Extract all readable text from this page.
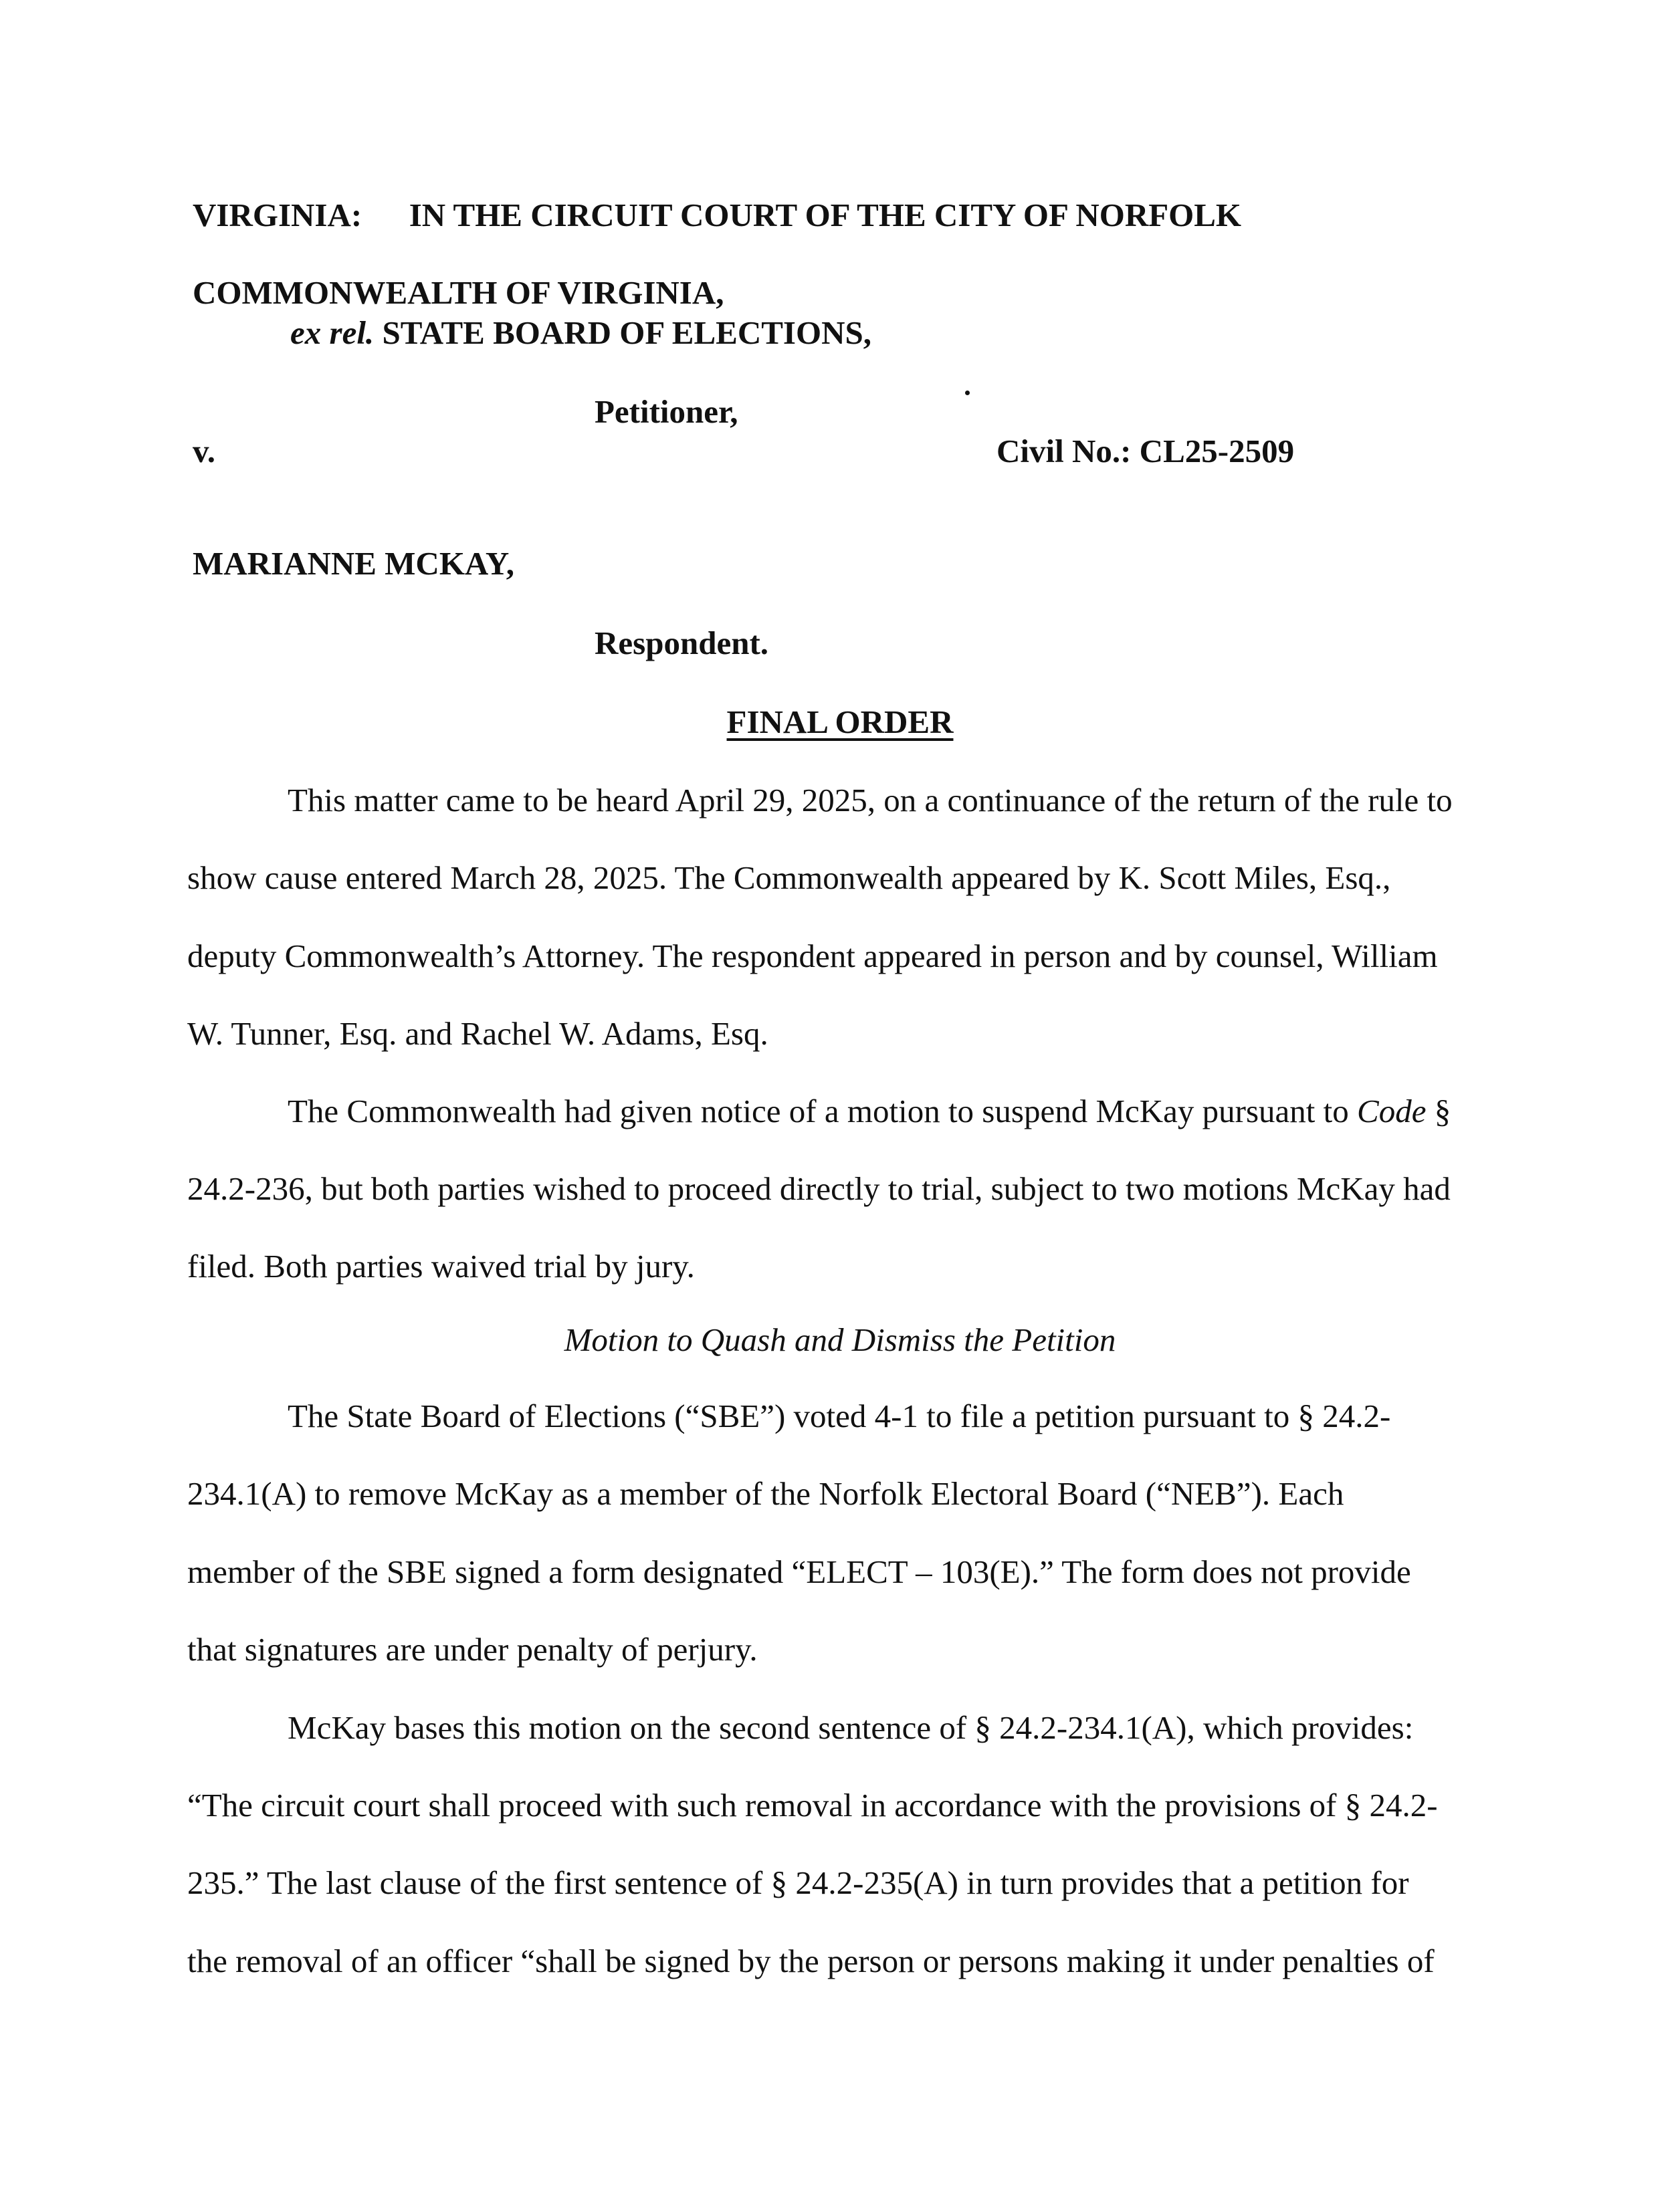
VIRGINIA: IN THE CIRCUIT COURT OF THE CITY OF NORFOLK
COMMONWEALTH OF VIRGINIA,
ex rel. STATE BOARD OF ELECTIONS,
Petitioner,
v.	Civil No.: CL25-2509
MARIANNE MCKAY,
Respondent.
FINAL ORDER
This matter came to be heard April 29, 2025, on a continuance of the return of the rule to
show cause entered March 28, 2025. The Commonwealth appeared by K. Scott Miles, Esq.,
deputy Commonwealth’s Attorney. The respondent appeared in person and by counsel, William
W. Tunner, Esq. and Rachel W. Adams, Esq.
The Commonwealth had given notice of a motion to suspend McKay pursuant to Code §
24.2-236, but both parties wished to proceed directly to trial, subject to two motions McKay had
filed. Both parties waived trial by jury.
Motion to Quash and Dismiss the Petition
The State Board of Elections (“SBE”) voted 4-1 to file a petition pursuant to § 24.2-
234.1(A) to remove McKay as a member of the Norfolk Electoral Board (“NEB”). Each
member of the SBE signed a form designated “ELECT – 103(E).” The form does not provide
that signatures are under penalty of perjury.
McKay bases this motion on the second sentence of § 24.2-234.1(A), which provides:
“The circuit court shall proceed with such removal in accordance with the provisions of § 24.2-
235.” The last clause of the first sentence of § 24.2-235(A) in turn provides that a petition for
the removal of an officer “shall be signed by the person or persons making it under penalties of
